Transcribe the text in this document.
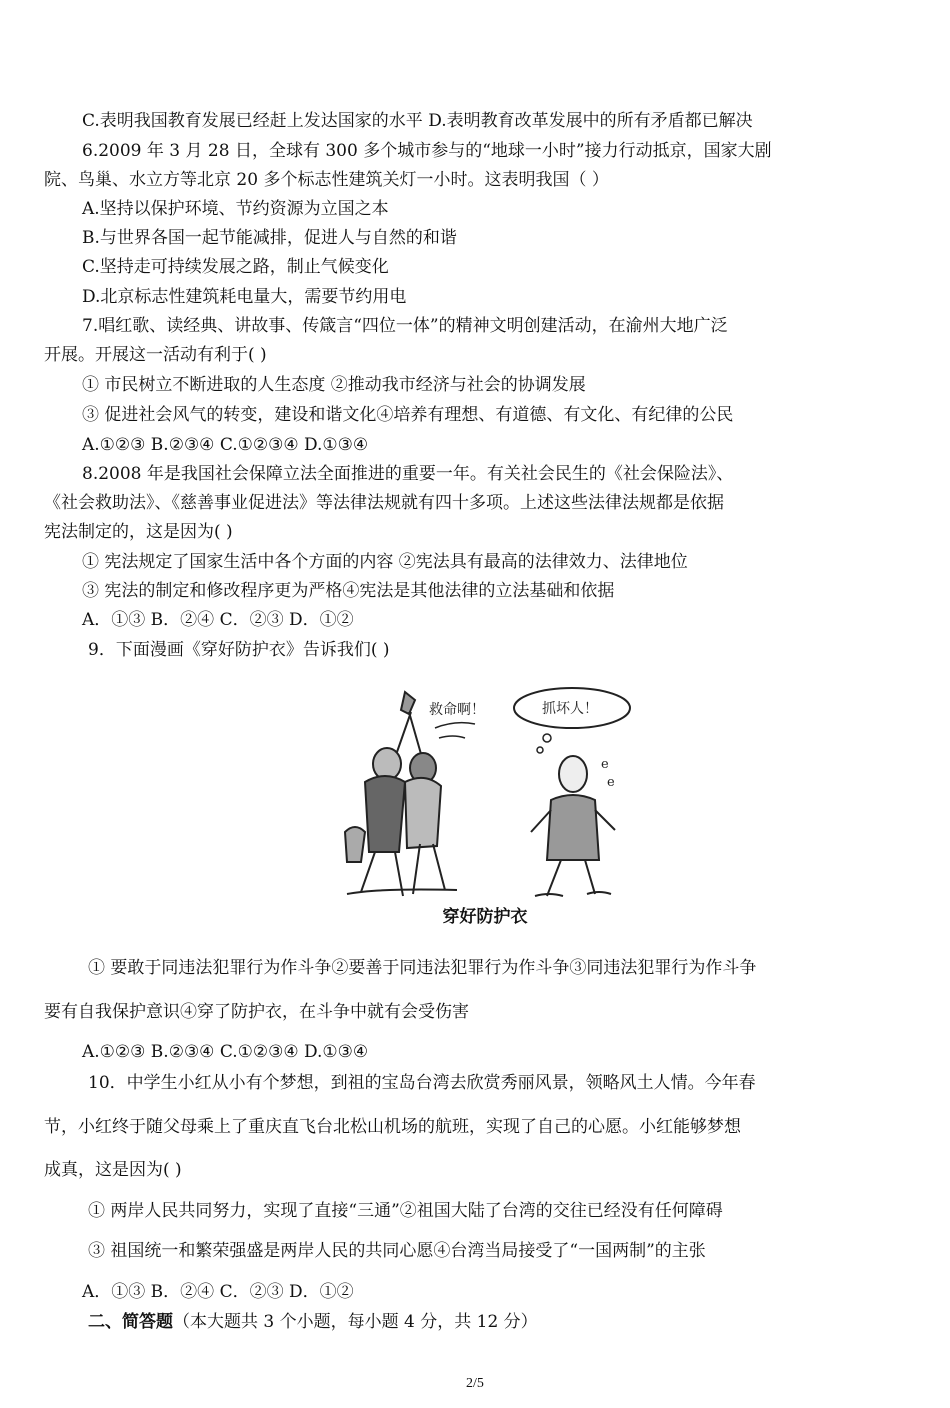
C.表明我国教育发展已经赶上发达国家的水平 D.表明教育改革发展中的所有矛盾都已解决
6.2009 年 3 月 28 日，全球有 300 多个城市参与的“地球一小时”接力行动抵京，国家大剧
院、鸟巢、水立方等北京 20 多个标志性建筑关灯一小时。这表明我国（ ）
A.坚持以保护环境、节约资源为立国之本
B.与世界各国一起节能减排，促进人与自然的和谐
C.坚持走可持续发展之路，制止气候变化
D.北京标志性建筑耗电量大，需要节约用电
7.唱红歌、读经典、讲故事、传箴言“四位一体”的精神文明创建活动，在渝州大地广泛
开展。开展这一活动有利于( )
① 市民树立不断进取的人生态度 ②推动我市经济与社会的协调发展
③ 促进社会风气的转变，建设和谐文化④培养有理想、有道德、有文化、有纪律的公民
A.①②③ B.②③④ C.①②③④ D.①③④
8.2008 年是我国社会保障立法全面推进的重要一年。有关社会民生的《社会保险法》、
《社会救助法》、《慈善事业促进法》等法律法规就有四十多项。上述这些法律法规都是依据
宪法制定的，这是因为( )
① 宪法规定了国家生活中各个方面的内容 ②宪法具有最高的法律效力、法律地位
③ 宪法的制定和修改程序更为严格④宪法是其他法律的立法基础和依据
A．①③ B．②④ C．②③ D．①②
9．下面漫画《穿好防护衣》告诉我们( )
救命啊！	抓坏人！
e
e
穿好防护衣
① 要敢于同违法犯罪行为作斗争②要善于同违法犯罪行为作斗争③同违法犯罪行为作斗争
要有自我保护意识④穿了防护衣，在斗争中就有会受伤害
A.①②③ B.②③④ C.①②③④ D.①③④
10．中学生小红从小有个梦想，到祖的宝岛台湾去欣赏秀丽风景，领略风土人情。今年春
节，小红终于随父母乘上了重庆直飞台北松山机场的航班，实现了自己的心愿。小红能够梦想
成真，这是因为( )
① 两岸人民共同努力，实现了直接“三通”②祖国大陆了台湾的交往已经没有任何障碍
③ 祖国统一和繁荣强盛是两岸人民的共同心愿④台湾当局接受了“一国两制”的主张
A．①③ B．②④ C．②③ D．①②
二、简答题（本大题共 3 个小题，每小题 4 分，共 12 分）
2/5
